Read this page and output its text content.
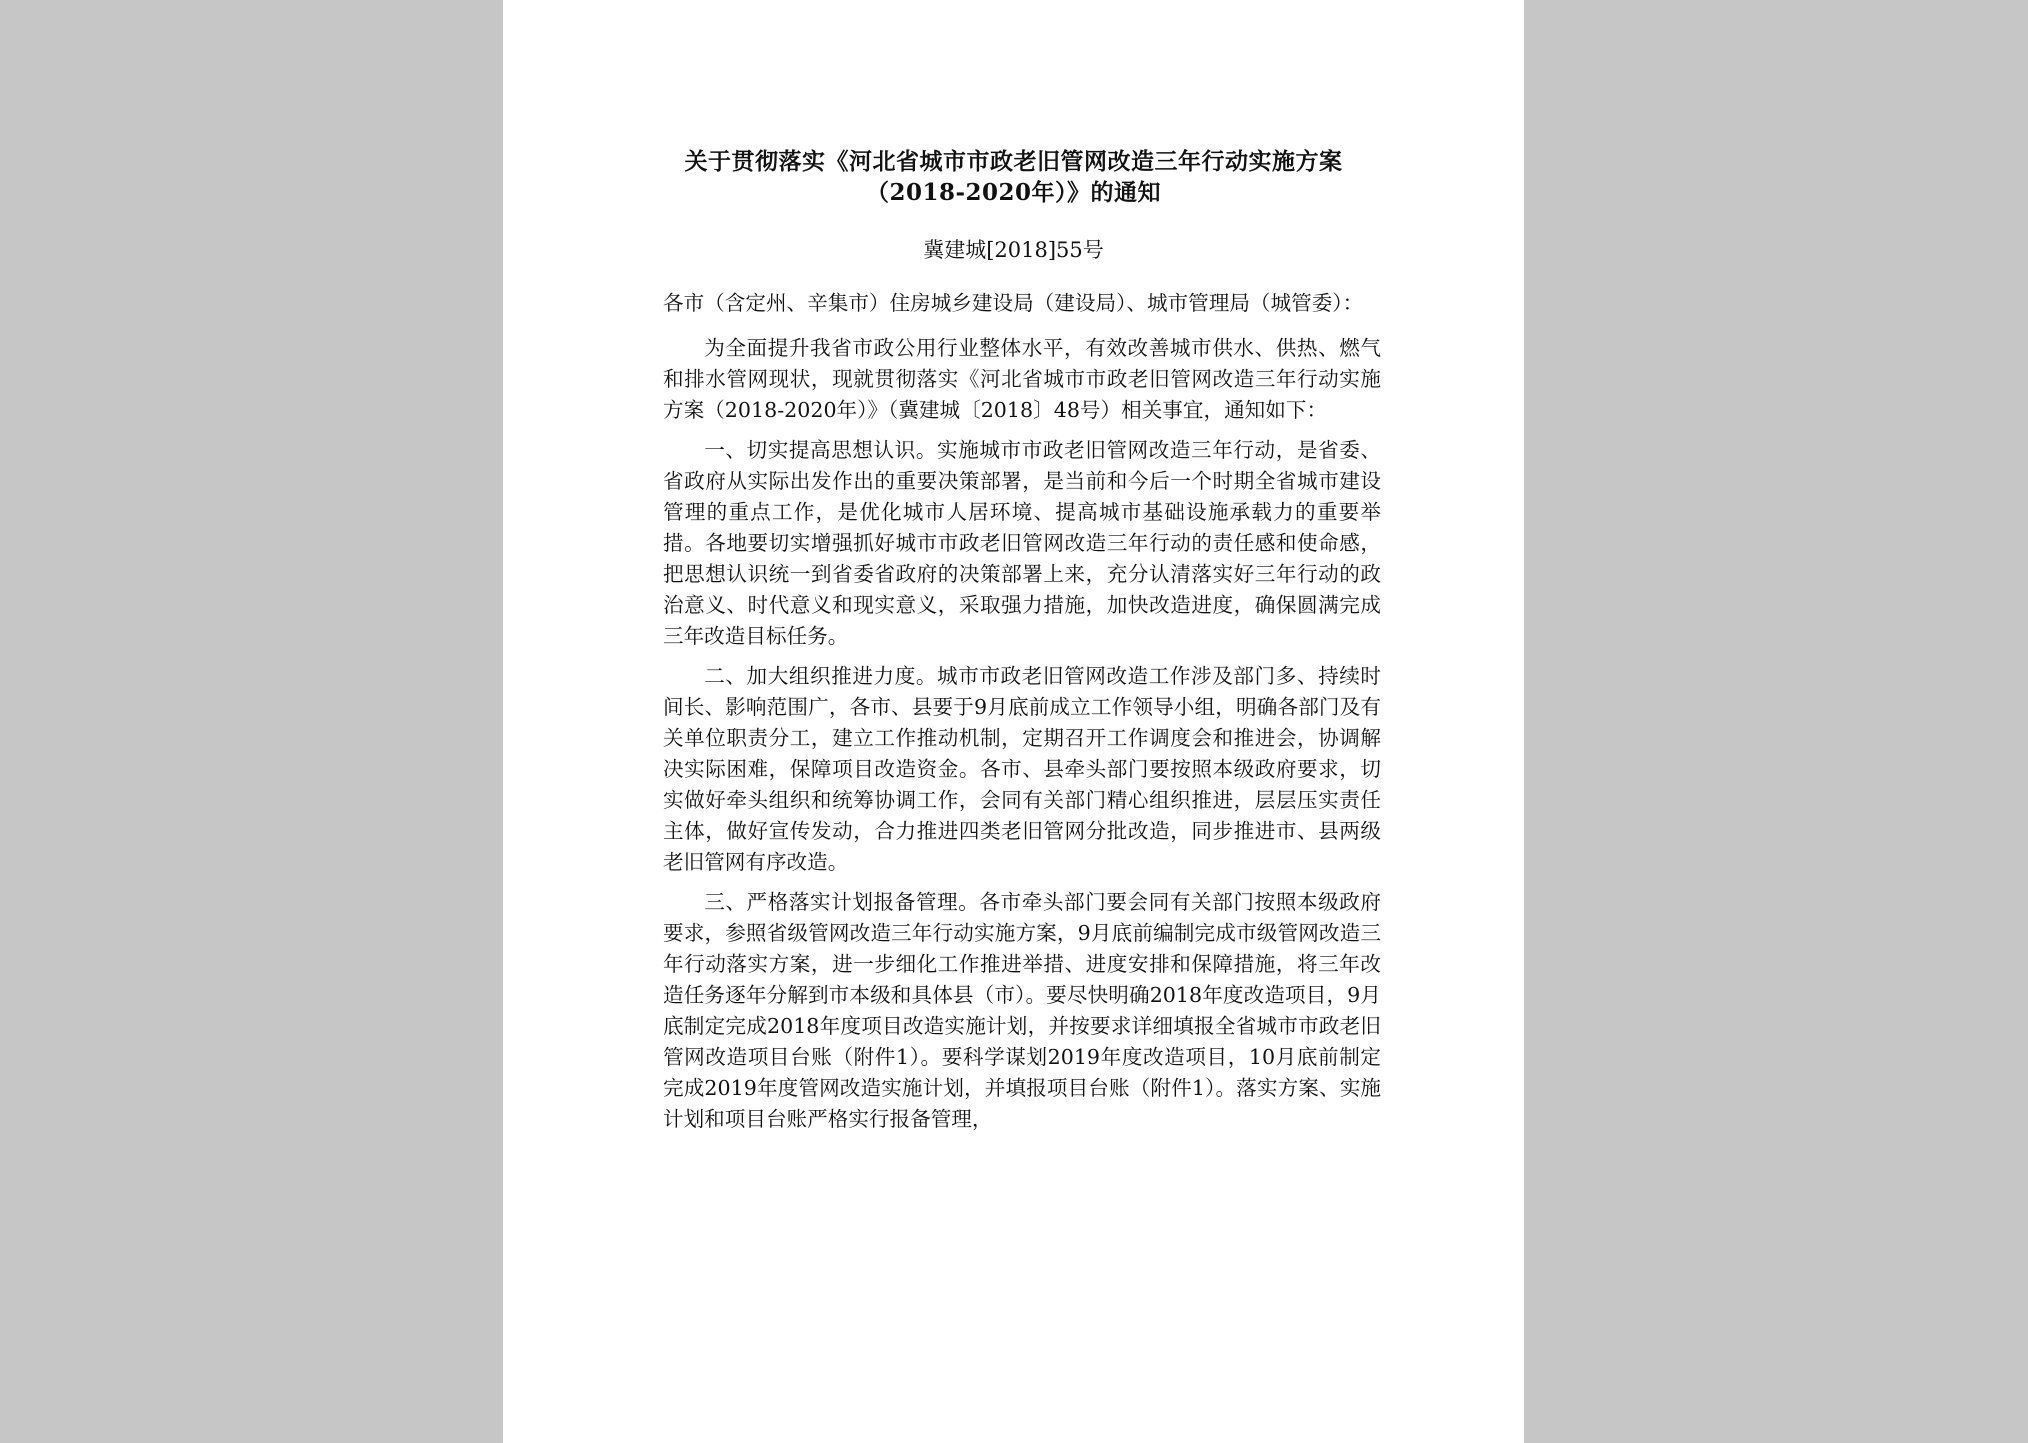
关于贯彻落实《河北省城市市政老旧管网改造三年行动实施方案
（2018-2020年）》的通知
冀建城[2018]55号

各市（含定州、辛集市）住房城乡建设局（建设局）、城市管理局（城管委）：

为全面提升我省市政公用行业整体水平，有效改善城市供水、供热、燃气和排水管网现状，现就贯彻落实《河北省城市市政老旧管网改造三年行动实施方案（2018-2020年）》（冀建城〔2018〕48号）相关事宜，通知如下：

一、切实提高思想认识。实施城市市政老旧管网改造三年行动，是省委、省政府从实际出发作出的重要决策部署，是当前和今后一个时期全省城市建设管理的重点工作，是优化城市人居环境、提高城市基础设施承载力的重要举措。各地要切实增强抓好城市市政老旧管网改造三年行动的责任感和使命感，把思想认识统一到省委省政府的决策部署上来，充分认清落实好三年行动的政治意义、时代意义和现实意义，采取强力措施，加快改造进度，确保圆满完成三年改造目标任务。

二、加大组织推进力度。城市市政老旧管网改造工作涉及部门多、持续时间长、影响范围广，各市、县要于9月底前成立工作领导小组，明确各部门及有关单位职责分工，建立工作推动机制，定期召开工作调度会和推进会，协调解决实际困难，保障项目改造资金。各市、县牵头部门要按照本级政府要求，切实做好牵头组织和统筹协调工作，会同有关部门精心组织推进，层层压实责任主体，做好宣传发动，合力推进四类老旧管网分批改造，同步推进市、县两级老旧管网有序改造。

三、严格落实计划报备管理。各市牵头部门要会同有关部门按照本级政府要求，参照省级管网改造三年行动实施方案，9月底前编制完成市级管网改造三年行动落实方案，进一步细化工作推进举措、进度安排和保障措施，将三年改造任务逐年分解到市本级和具体县（市）。要尽快明确2018年度改造项目，9月底制定完成2018年度项目改造实施计划，并按要求详细填报全省城市市政老旧管网改造项目台账（附件1）。要科学谋划2019年度改造项目，10月底前制定完成2019年度管网改造实施计划，并填报项目台账（附件1）。落实方案、实施计划和项目台账严格实行报备管理，
